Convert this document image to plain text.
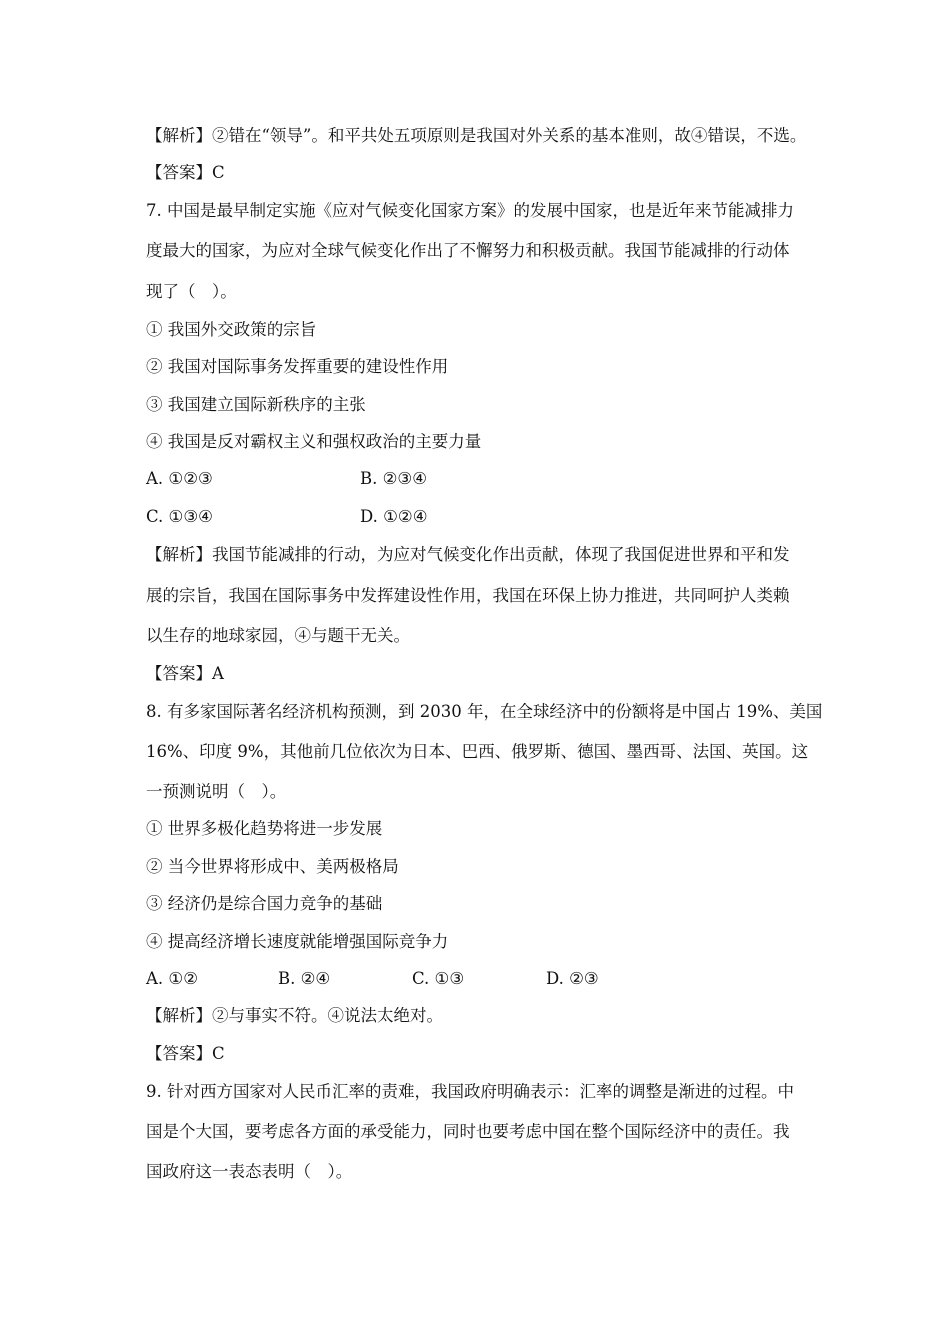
【解析】②错在“领导”。和平共处五项原则是我国对外关系的基本准则，故④错误，不选。
【答案】C
7. 中国是最早制定实施《应对气候变化国家方案》的发展中国家，也是近年来节能减排力
度最大的国家，为应对全球气候变化作出了不懈努力和积极贡献。我国节能减排的行动体
现了（　）。
① 我国外交政策的宗旨
② 我国对国际事务发挥重要的建设性作用
③ 我国建立国际新秩序的主张
④ 我国是反对霸权主义和强权政治的主要力量
A. ①②③	B. ②③④
C. ①③④	D. ①②④
【解析】我国节能减排的行动，为应对气候变化作出贡献，体现了我国促进世界和平和发
展的宗旨，我国在国际事务中发挥建设性作用，我国在环保上协力推进，共同呵护人类赖
以生存的地球家园，④与题干无关。
【答案】A
8. 有多家国际著名经济机构预测，到 2030 年，在全球经济中的份额将是中国占 19%、美国
16%、印度 9%，其他前几位依次为日本、巴西、俄罗斯、德国、墨西哥、法国、英国。这
一预测说明（　）。
① 世界多极化趋势将进一步发展
② 当今世界将形成中、美两极格局
③ 经济仍是综合国力竞争的基础
④ 提高经济增长速度就能增强国际竞争力
A. ①②	B. ②④	C. ①③	D. ②③
【解析】②与事实不符。④说法太绝对。
【答案】C
9. 针对西方国家对人民币汇率的责难，我国政府明确表示：汇率的调整是渐进的过程。中
国是个大国，要考虑各方面的承受能力，同时也要考虑中国在整个国际经济中的责任。我
国政府这一表态表明（　）。
